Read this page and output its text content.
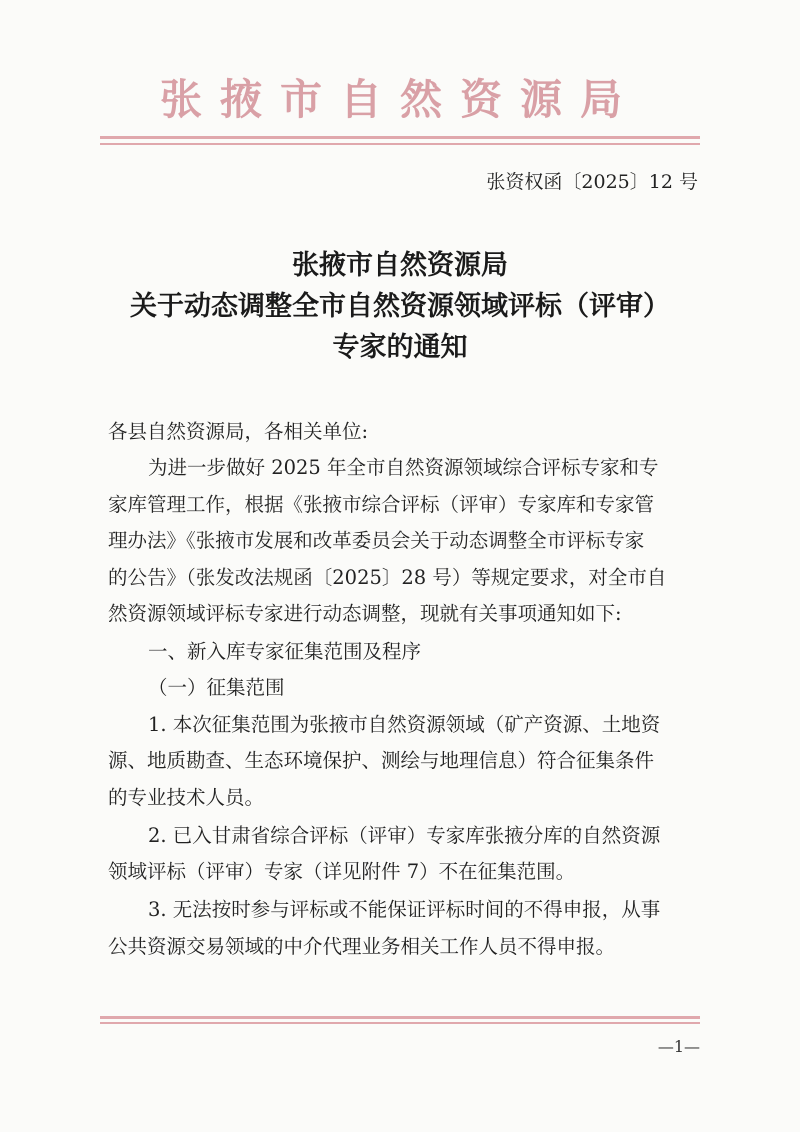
张掖市自然资源局
张资权函〔2025〕12 号
张掖市自然资源局
关于动态调整全市自然资源领域评标（评审）
专家的通知
各县自然资源局，各相关单位:
为进一步做好 2025 年全市自然资源领域综合评标专家和专
家库管理工作，根据《张掖市综合评标（评审）专家库和专家管
理办法》《张掖市发展和改革委员会关于动态调整全市评标专家
的公告》（张发改法规函〔2025〕28 号）等规定要求，对全市自
然资源领域评标专家进行动态调整，现就有关事项通知如下:
一、新入库专家征集范围及程序
（一）征集范围
1. 本次征集范围为张掖市自然资源领域（矿产资源、土地资
源、地质勘查、生态环境保护、测绘与地理信息）符合征集条件
的专业技术人员。
2. 已入甘肃省综合评标（评审）专家库张掖分库的自然资源
领域评标（评审）专家（详见附件 7）不在征集范围。
3. 无法按时参与评标或不能保证评标时间的不得申报，从事
公共资源交易领域的中介代理业务相关工作人员不得申报。
—1—
